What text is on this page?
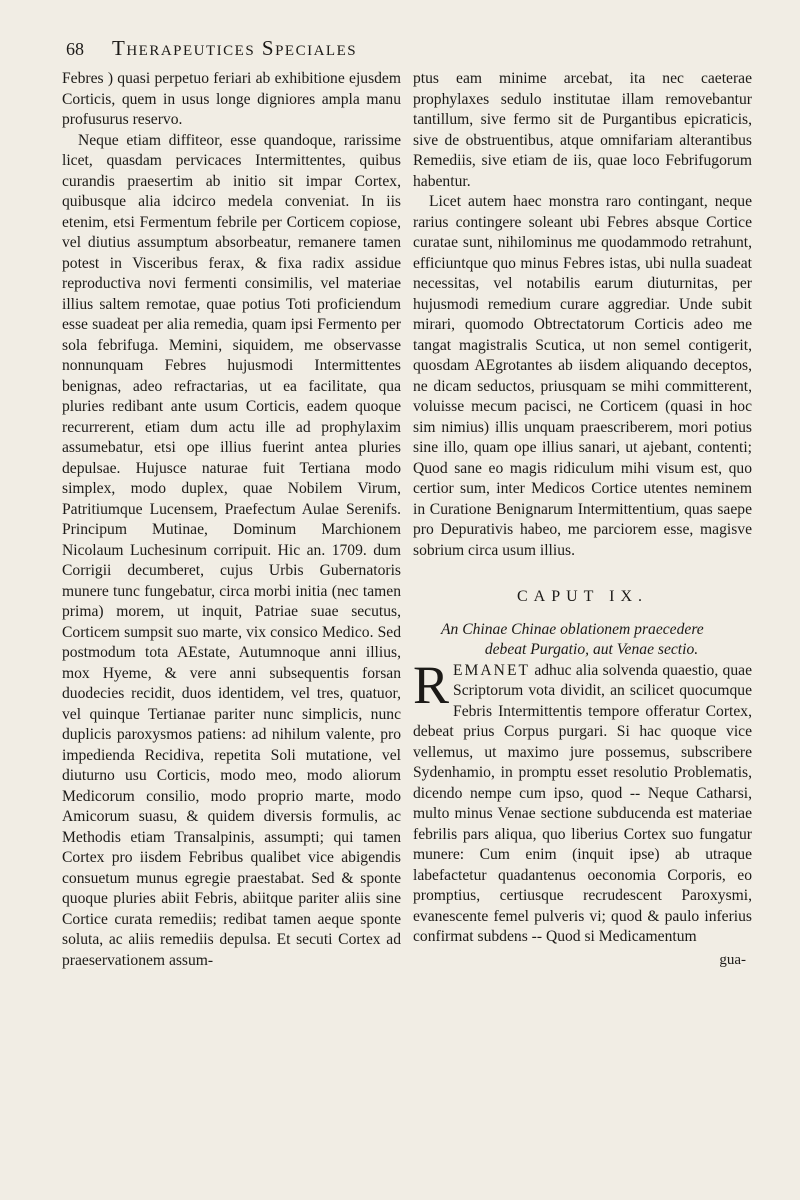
68	Therapeutices Speciales

Febres ) quasi perpetuo feriari ab exhibitione ejusdem Corticis, quem in usus longe digniores ampla manu profusurus reservo.

Neque etiam diffiteor, esse quandoque, rarissime licet, quasdam pervicaces Intermittentes, quibus curandis praesertim ab initio sit impar Cortex, quibusque alia idcirco medela conveniat. In iis etenim, etsi Fermentum febrile per Corticem copiose, vel diutius assumptum absorbeatur, remanere tamen potest in Visceribus ferax, & fixa radix assidue reproductiva novi fermenti consimilis, vel materiae illius saltem remotae, quae potius Toti proficiendum esse suadeat per alia remedia, quam ipsi Fermento per sola febrifuga. Memini, siquidem, me observasse nonnunquam Febres hujusmodi Intermittentes benignas, adeo refractarias, ut ea facilitate, qua pluries redibant ante usum Corticis, eadem quoque recurrerent, etiam dum actu ille ad prophylaxim assumebatur, etsi ope illius fuerint antea pluries depulsae. Hujusce naturae fuit Tertiana modo simplex, modo duplex, quae Nobilem Virum, Patritiumque Lucensem, Praefectum Aulae Serenifs. Principum Mutinae, Dominum Marchionem Nicolaum Luchesinum corripuit. Hic an. 1709. dum Corrigii decumberet, cujus Urbis Gubernatoris munere tunc fungebatur, circa morbi initia (nec tamen prima) morem, ut inquit, Patriae suae secutus, Corticem sumpsit suo marte, vix consico Medico. Sed postmodum tota AEstate, Autumnoque anni illius, mox Hyeme, & vere anni subsequentis forsan duodecies recidit, duos identidem, vel tres, quatuor, vel quinque Tertianae pariter nunc simplicis, nunc duplicis paroxysmos patiens: ad nihilum valente, pro impedienda Recidiva, repetita Soli mutatione, vel diuturno usu Corticis, modo meo, modo aliorum Medicorum consilio, modo proprio marte, modo Amicorum suasu, & quidem diversis formulis, ac Methodis etiam Transalpinis, assumpti; qui tamen Cortex pro iisdem Febribus qualibet vice abigendis consuetum munus egregie praestabat. Sed & sponte quoque pluries abiit Febris, abiitque pariter aliis sine Cortice curata remediis; redibat tamen aeque sponte soluta, ac aliis remediis depulsa. Et secuti Cortex ad praeservationem assum-

ptus eam minime arcebat, ita nec caeterae prophylaxes sedulo institutae illam removebantur tantillum, sive fermo sit de Purgantibus epicraticis, sive de obstruentibus, atque omnifariam alterantibus Remediis, sive etiam de iis, quae loco Febrifugorum habentur.

Licet autem haec monstra raro contingant, neque rarius contingere soleant ubi Febres absque Cortice curatae sunt, nihilominus me quodammodo retrahunt, efficiuntque quo minus Febres istas, ubi nulla suadeat necessitas, vel notabilis earum diuturnitas, per hujusmodi remedium curare aggrediar. Unde subit mirari, quomodo Obtrectatorum Corticis adeo me tangat magistralis Scutica, ut non semel contigerit, quosdam AEgrotantes ab iisdem aliquando deceptos, ne dicam seductos, priusquam se mihi committerent, voluisse mecum pacisci, ne Corticem (quasi in hoc sim nimius) illis unquam praescriberem, mori potius sine illo, quam ope illius sanari, ut ajebant, contenti; Quod sane eo magis ridiculum mihi visum est, quo certior sum, inter Medicos Cortice utentes neminem in Curatione Benignarum Intermittentium, quas saepe pro Depurativis habeo, me parciorem esse, magisve sobrium circa usum illius.

CAPUT IX.

An Chinae Chinae oblationem praecedere
debeat Purgatio, aut Venae sectio.

REMANET adhuc alia solvenda quaestio, quae Scriptorum vota dividit, an scilicet quocumque Febris Intermittentis tempore offeratur Cortex, debeat prius Corpus purgari. Si hac quoque vice vellemus, ut maximo jure possemus, subscribere Sydenhamio, in promptu esset resolutio Problematis, dicendo nempe cum ipso, quod -- Neque Catharsi, multo minus Venae sectione subducenda est materiae febrilis pars aliqua, quo liberius Cortex suo fungatur munere: Cum enim (inquit ipse) ab utraque labefactetur quadantenus oeconomia Corporis, eo promptius, certiusque recrudescent Paroxysmi, evanescente femel pulveris vi; quod & paulo inferius confirmat subdens -- Quod si Medicamentum

gua-
